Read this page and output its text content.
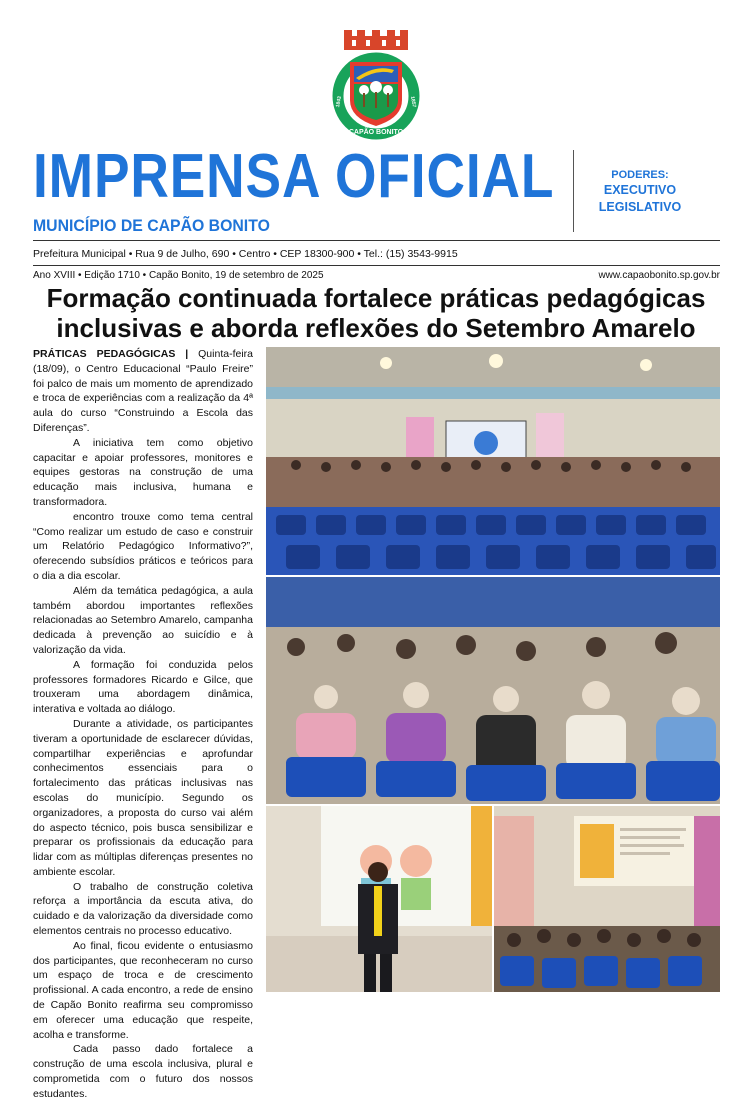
CAPÃO BONITO
1843	1857
IMPRENSA OFICIAL
MUNICÍPIO DE CAPÃO BONITO
PODERES:
EXECUTIVO
LEGISLATIVO
Prefeitura Municipal • Rua 9 de Julho, 690 • Centro • CEP 18300-900 • Tel.: (15) 3543-9915
Ano XVIII • Edição 1710 • Capão Bonito, 19 de setembro de 2025	www.capaobonito.sp.gov.br
Formação continuada fortalece práticas pedagógicas inclusivas e aborda reflexões do Setembro Amarelo

PRÁTICAS PEDAGÓGICAS | Quinta-feira (18/09), o Centro Educacional “Paulo Freire” foi palco de mais um momento de aprendizado e troca de experiências com a realização da 4ª aula do curso “Construindo a Escola das Diferenças”.

A iniciativa tem como objetivo capacitar e apoiar professores, monitores e equipes gestoras na construção de uma educação mais inclusiva, humana e transformadora.

encontro trouxe como tema central “Como realizar um estudo de caso e construir um Relatório Pedagógico Informativo?”, oferecendo subsídios práticos e teóricos para o dia a dia escolar.

Além da temática pedagógica, a aula também abordou importantes reflexões relacionadas ao Setembro Amarelo, campanha dedicada à prevenção ao suicídio e à valorização da vida.

A formação foi conduzida pelos professores formadores Ricardo e Gilce, que trouxeram uma abordagem dinâmica, interativa e voltada ao diálogo.

Durante a atividade, os participantes tiveram a oportunidade de esclarecer dúvidas, compartilhar experiências e aprofundar conhecimentos essenciais para o fortalecimento das práticas inclusivas nas escolas do município. Segundo os organizadores, a proposta do curso vai além do aspecto técnico, pois busca sensibilizar e preparar os profissionais da educação para lidar com as múltiplas diferenças presentes no ambiente escolar.

O trabalho de construção coletiva reforça a importância da escuta ativa, do cuidado e da valorização da diversidade como elementos centrais no processo educativo.

Ao final, ficou evidente o entusiasmo dos participantes, que reconheceram no curso um espaço de troca e de crescimento profissional. A cada encontro, a rede de ensino de Capão Bonito reafirma seu compromisso em oferecer uma educação que respeite, acolha e transforme.

Cada passo dado fortalece a construção de uma escola inclusiva, plural e comprometida com o futuro dos nossos estudantes.
